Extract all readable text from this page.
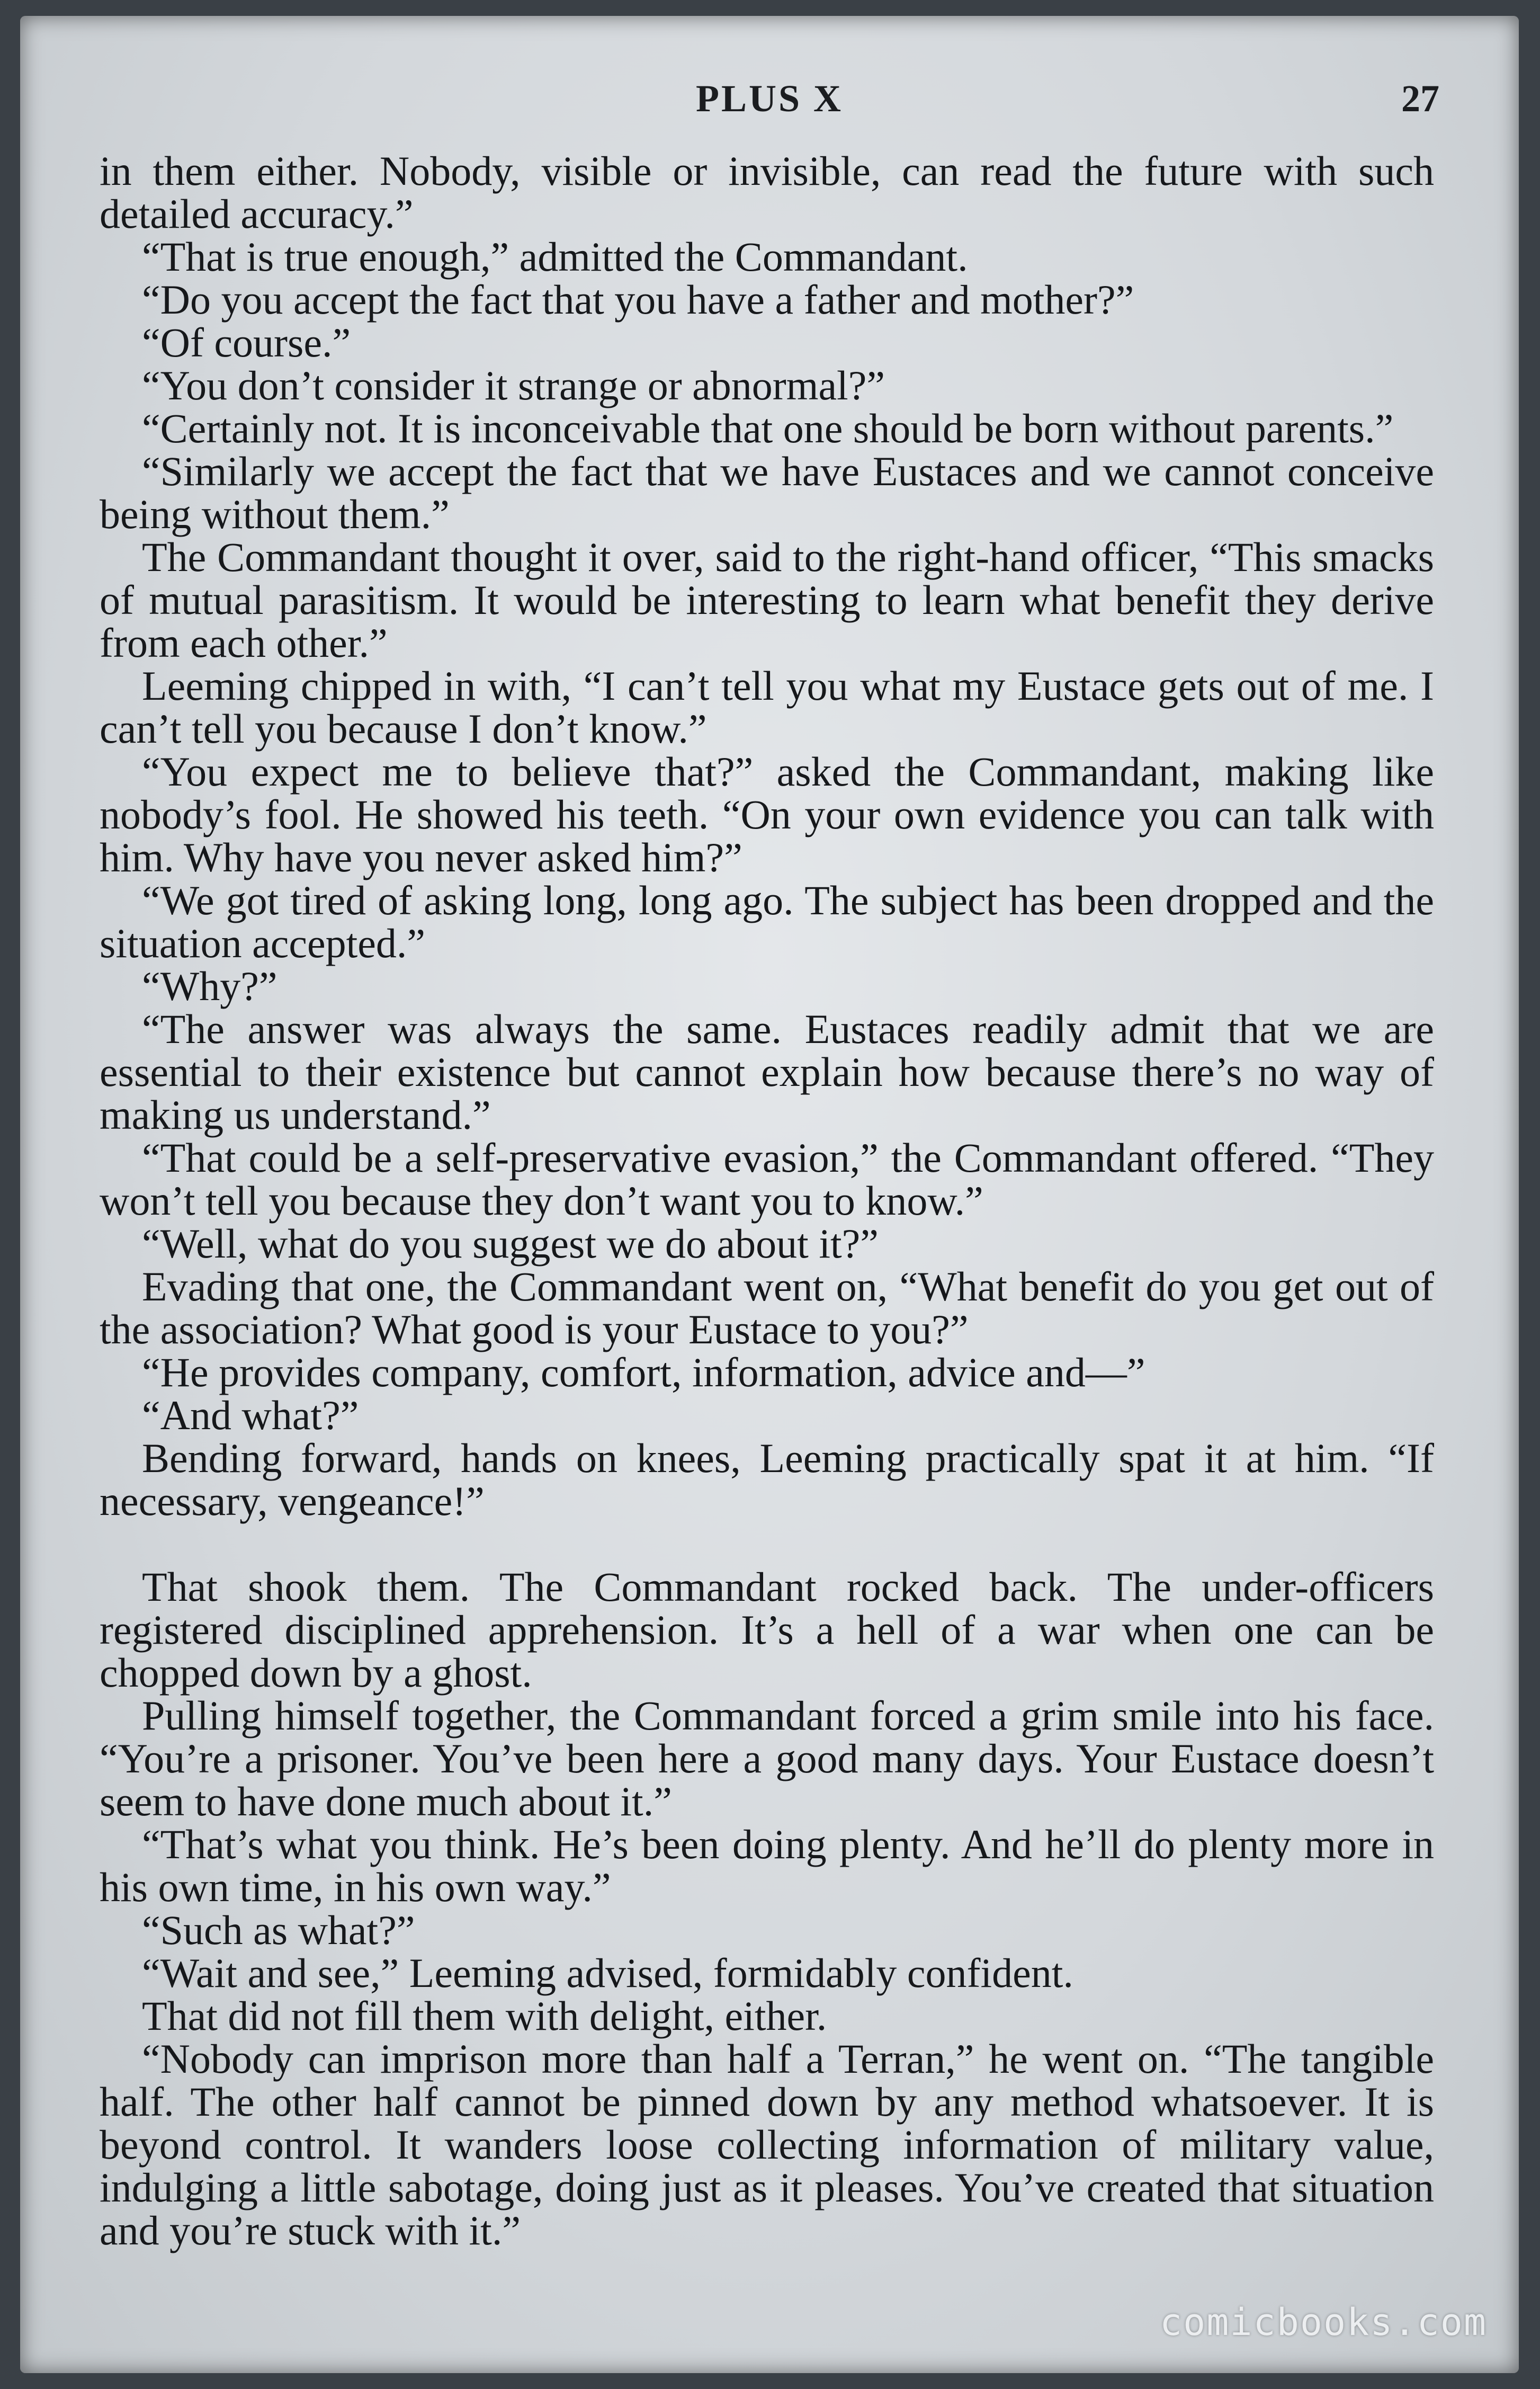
PLUS X	27

in them either. Nobody, visible or invisible, can read the future with such detailed accuracy.”

“That is true enough,” admitted the Commandant.

“Do you accept the fact that you have a father and mother?”

“Of course.”

“You don’t consider it strange or abnormal?”

“Certainly not. It is inconceivable that one should be born without parents.”

“Similarly we accept the fact that we have Eustaces and we cannot conceive being without them.”

The Commandant thought it over, said to the right-hand officer, “This smacks of mutual parasitism. It would be interesting to learn what benefit they derive from each other.”

Leeming chipped in with, “I can’t tell you what my Eustace gets out of me. I can’t tell you because I don’t know.”

“You expect me to believe that?” asked the Commandant, making like nobody’s fool. He showed his teeth. “On your own evidence you can talk with him. Why have you never asked him?”

“We got tired of asking long, long ago. The subject has been dropped and the situation accepted.”

“Why?”

“The answer was always the same. Eustaces readily admit that we are essential to their existence but cannot explain how because there’s no way of making us understand.”

“That could be a self-preservative evasion,” the Commandant offered. “They won’t tell you because they don’t want you to know.”

“Well, what do you suggest we do about it?”

Evading that one, the Commandant went on, “What benefit do you get out of the association? What good is your Eustace to you?”

“He provides company, comfort, information, advice and—”

“And what?”

Bending forward, hands on knees, Leeming practically spat it at him. “If necessary, vengeance!”

That shook them. The Commandant rocked back. The under-officers registered disciplined apprehension. It’s a hell of a war when one can be chopped down by a ghost.

Pulling himself together, the Commandant forced a grim smile into his face. “You’re a prisoner. You’ve been here a good many days. Your Eustace doesn’t seem to have done much about it.”

“That’s what you think. He’s been doing plenty. And he’ll do plenty more in his own time, in his own way.”

“Such as what?”

“Wait and see,” Leeming advised, formidably confident.

That did not fill them with delight, either.

“Nobody can imprison more than half a Terran,” he went on. “The tangible half. The other half cannot be pinned down by any method whatsoever. It is beyond control. It wanders loose collecting information of military value, indulging a little sabotage, doing just as it pleases. You’ve created that situation and you’re stuck with it.”

comicbooks.com
